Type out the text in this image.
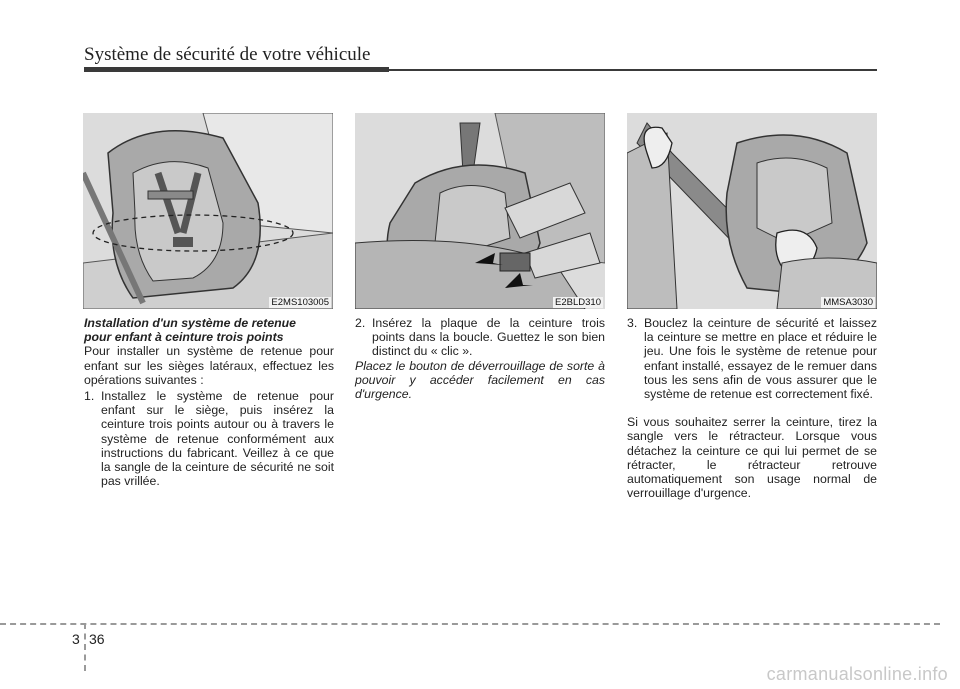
Système de sécurité de votre véhicule
E2MS103005	E2BLD310	MMSA3030

Installation d'un système de retenue
pour enfant à ceinture trois points

Pour installer un système de retenue pour enfant sur les sièges latéraux, effectuez les opérations suivantes :

1. Installez le système de retenue pour enfant sur le siège, puis insérez la ceinture trois points autour ou à travers le système de retenue conformément aux instructions du fabricant. Veillez à ce que la sangle de la ceinture de sécurité ne soit pas vrillée.
2. Insérez la plaque de la ceinture trois points dans la boucle. Guettez le son bien distinct du « clic ».

Placez le bouton de déverrouillage de sorte à pouvoir y accéder facilement en cas d'urgence.

3. Bouclez la ceinture de sécurité et laissez la ceinture se mettre en place et réduire le jeu. Une fois le système de retenue pour enfant installé, essayez de le remuer dans tous les sens afin de vous assurer que le système de retenue est correctement fixé.

Si vous souhaitez serrer la ceinture, tirez la sangle vers le rétracteur. Lorsque vous détachez la ceinture ce qui lui permet de se rétracter, le rétracteur retrouve automatiquement son usage normal de verrouillage d'urgence.

3 36
carmanualsonline.info
